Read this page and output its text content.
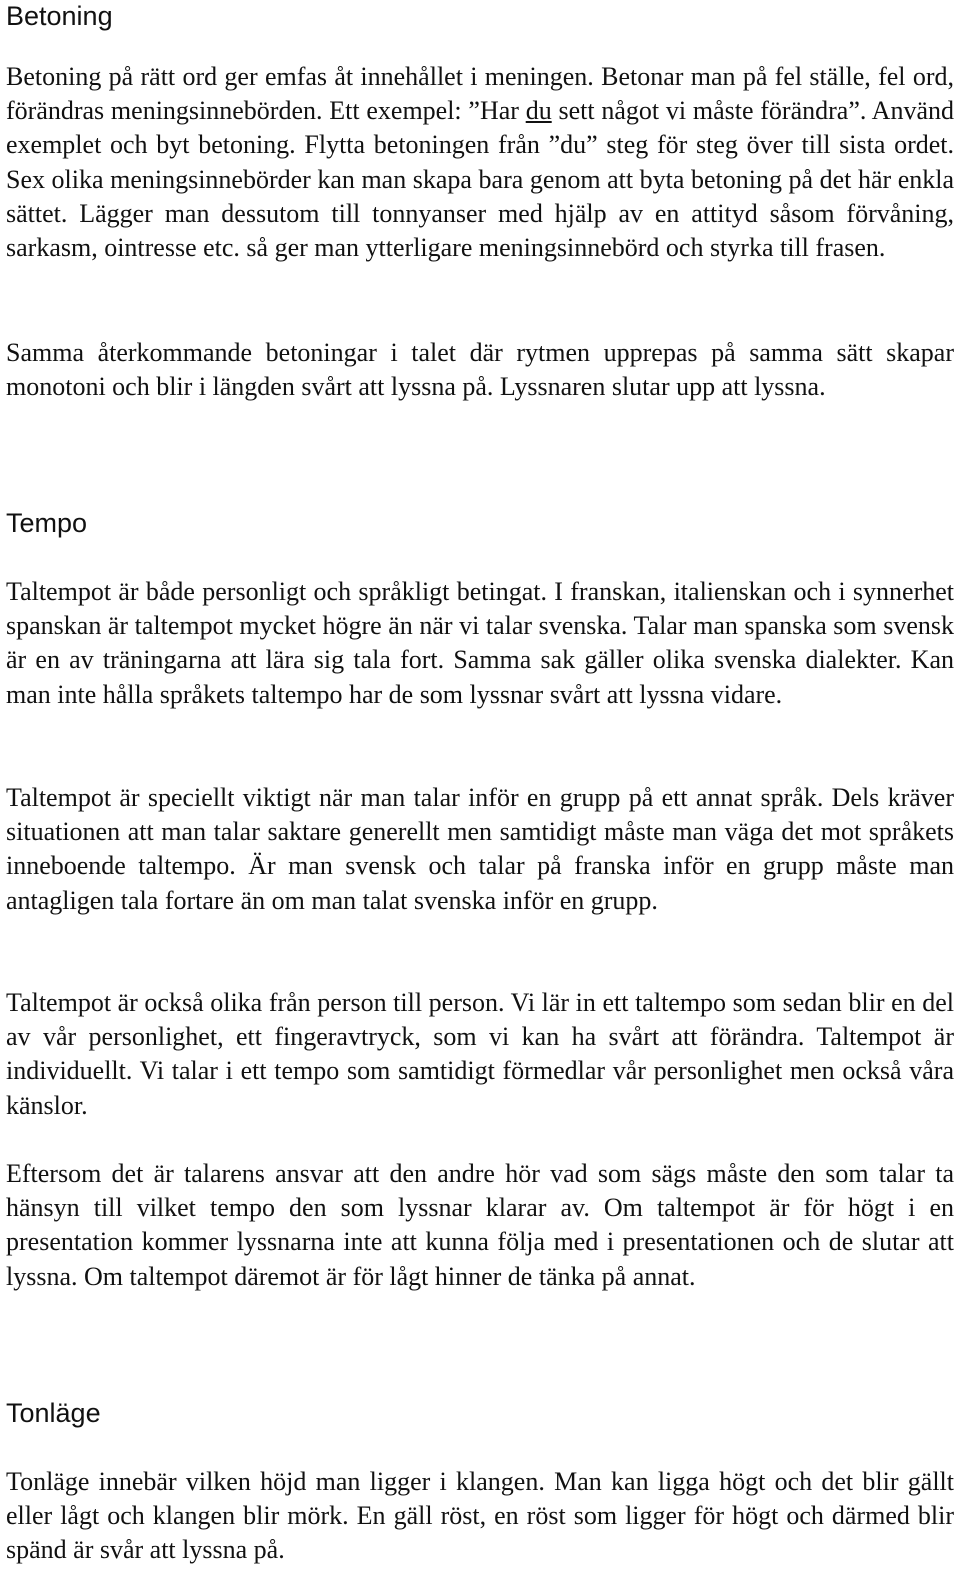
Betoning

Betoning på rätt ord ger emfas åt innehållet i meningen. Betonar man på fel ställe, fel ord, förändras meningsinnebörden. Ett exempel: ”Har du sett något vi måste förändra”. Använd exemplet och byt betoning. Flytta betoningen från ”du” steg för steg över till sista ordet. Sex olika meningsinnebörder kan man skapa bara genom att byta betoning på det här enkla sättet. Lägger man dessutom till tonnyanser med hjälp av en attityd såsom förvåning, sarkasm, ointresse etc. så ger man ytterligare meningsinnebörd och styrka till frasen.

Samma återkommande betoningar i talet där rytmen upprepas på samma sätt skapar monotoni och blir i längden svårt att lyssna på. Lyssnaren slutar upp att lyssna.

Tempo

Taltempot är både personligt och språkligt betingat. I franskan, italienskan och i synnerhet spanskan är taltempot mycket högre än när vi talar svenska. Talar man spanska som svensk är en av träningarna att lära sig tala fort. Samma sak gäller olika svenska dialekter. Kan man inte hålla språkets taltempo har de som lyssnar svårt att lyssna vidare.

Taltempot är speciellt viktigt när man talar inför en grupp på ett annat språk. Dels kräver situationen att man talar saktare generellt men samtidigt måste man väga det mot språkets inneboende taltempo. Är man svensk och talar på franska inför en grupp måste man antagligen tala fortare än om man talat svenska inför en grupp.

Taltempot är också olika från person till person. Vi lär in ett taltempo som sedan blir en del av vår personlighet, ett fingeravtryck, som vi kan ha svårt att förändra. Taltempot är individuellt. Vi talar i ett tempo som samtidigt förmedlar vår personlighet men också våra känslor.

Eftersom det är talarens ansvar att den andre hör vad som sägs måste den som talar ta hänsyn till vilket tempo den som lyssnar klarar av. Om taltempot är för högt i en presentation kommer lyssnarna inte att kunna följa med i presentationen och de slutar att lyssna. Om taltempot däremot är för lågt hinner de tänka på annat.

Tonläge

Tonläge innebär vilken höjd man ligger i klangen. Man kan ligga högt och det blir gällt eller lågt och klangen blir mörk. En gäll röst, en röst som ligger för högt och därmed blir spänd är svår att lyssna på.
